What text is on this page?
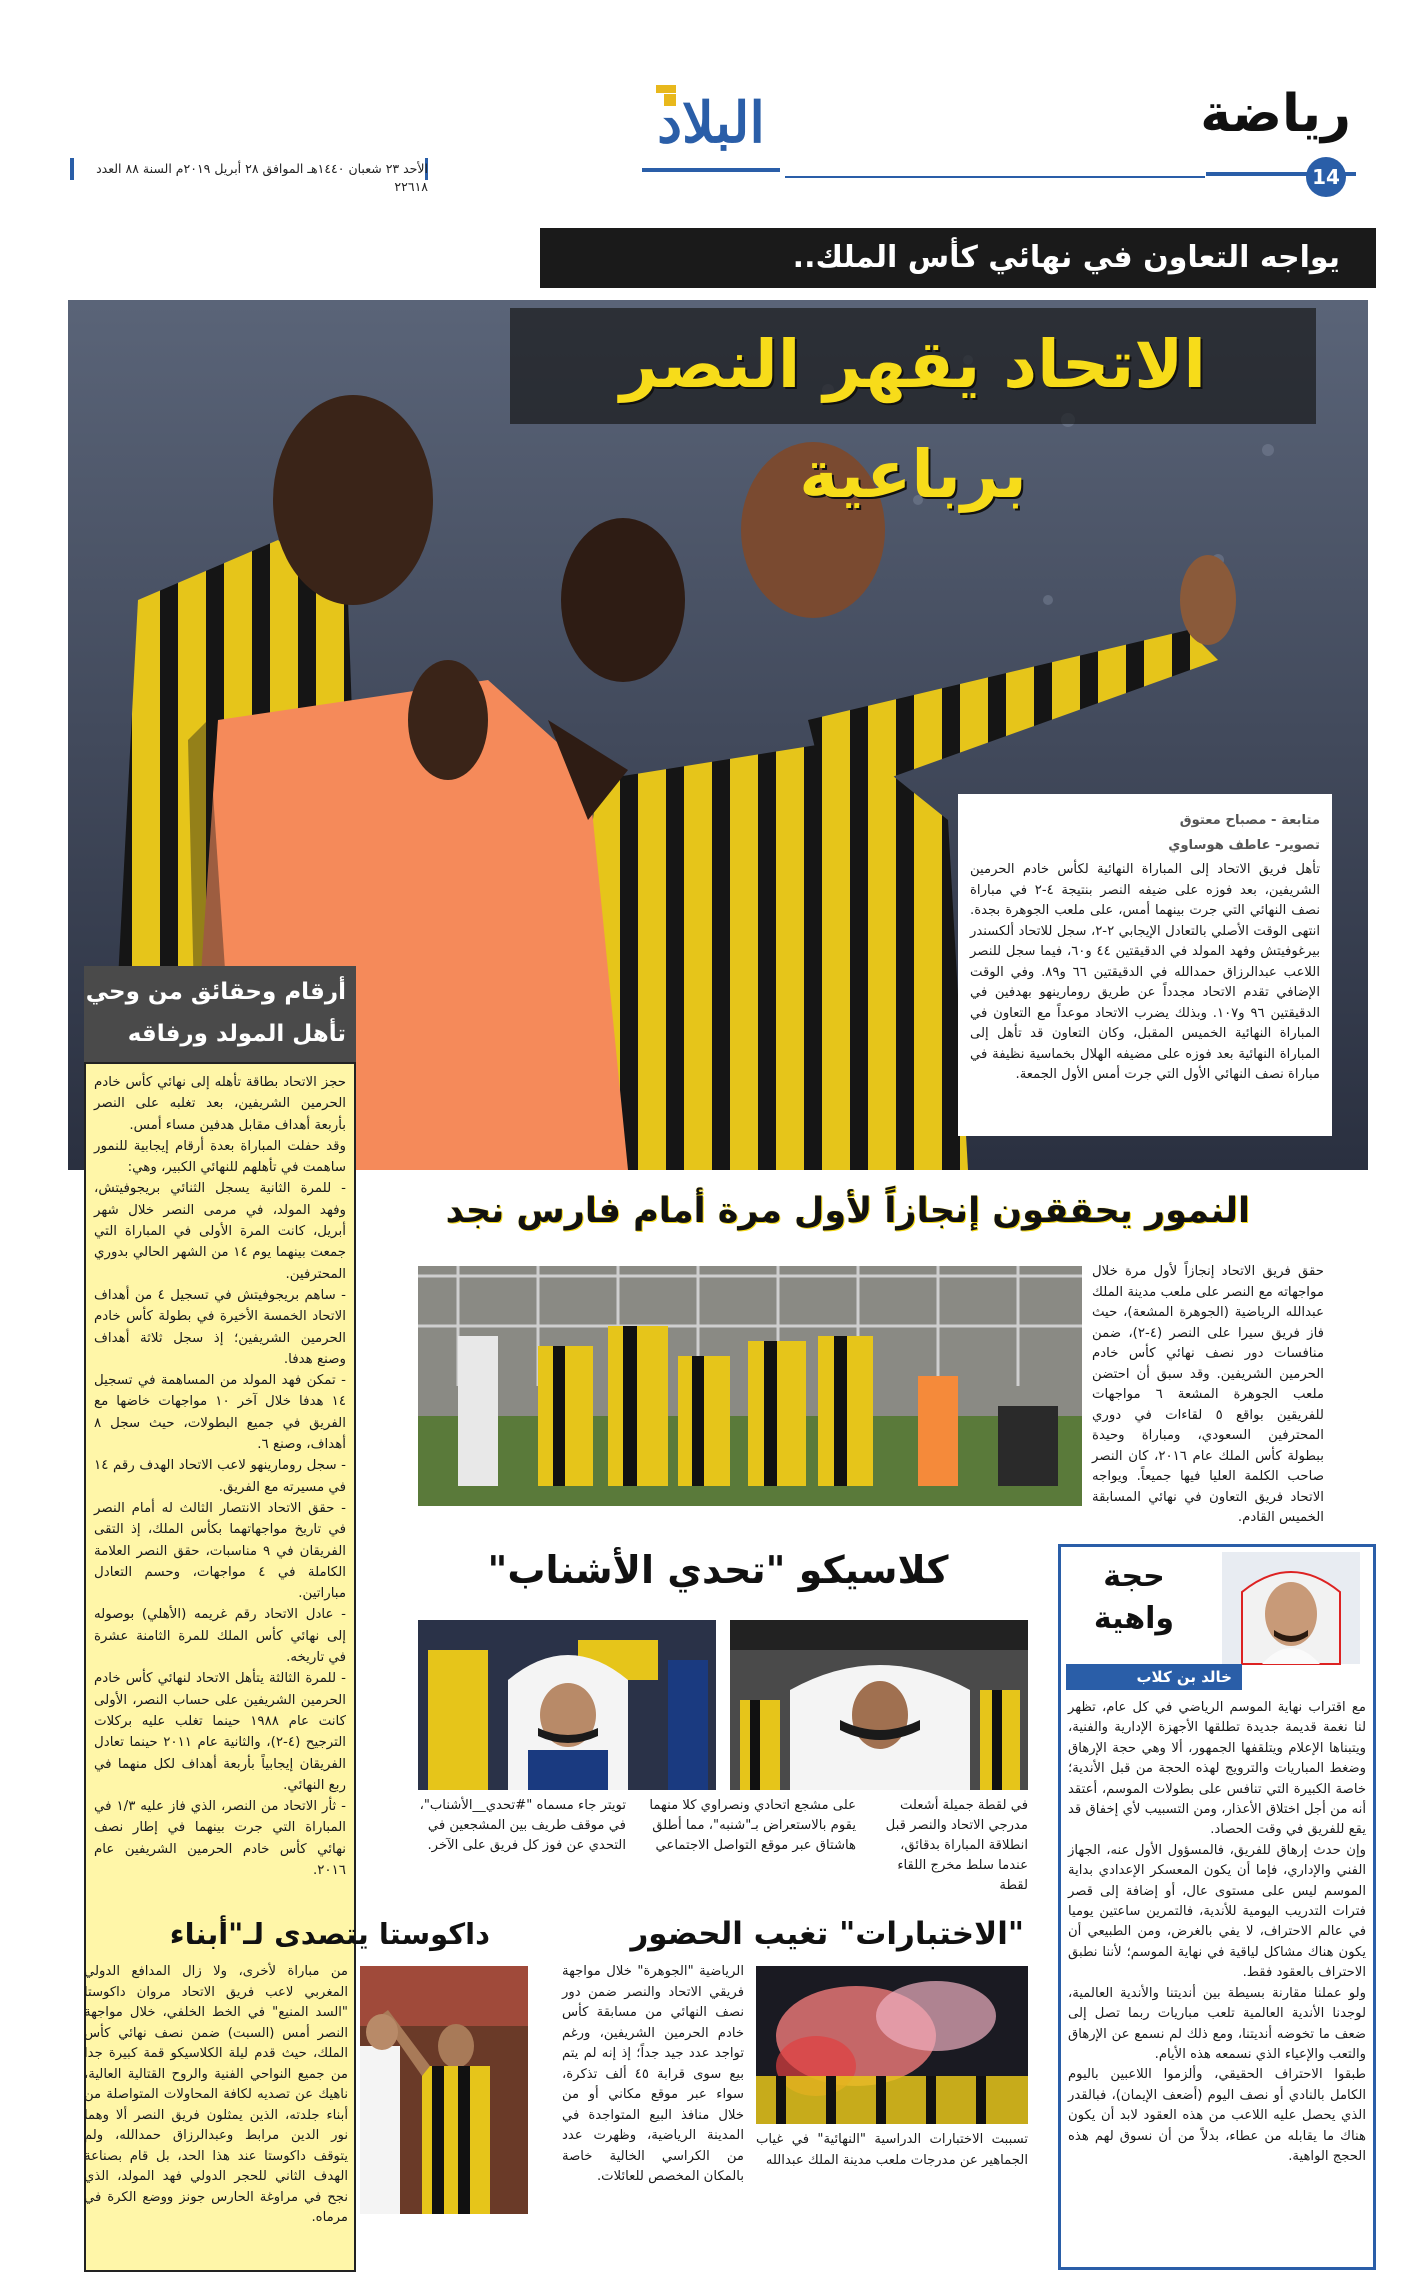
رياضة
14
البلاد
الأحد ٢٣ شعبان ١٤٤٠هـ الموافق ٢٨ أبريل ٢٠١٩م السنة ٨٨ العدد ٢٢٦١٨
يواجه التعاون في نهائي كأس الملك..
الاتحاد يقهر النصر برباعية
متابعة - مصباح معتوق
تصوير- عاطف هوساوي
تأهل فريق الاتحاد إلى المباراة النهائية لكأس خادم الحرمين الشريفين، بعد فوزه على ضيفه النصر بنتيجة ٤-٢ في مباراة نصف النهائي التي جرت بينهما أمس، على ملعب الجوهرة بجدة. انتهى الوقت الأصلي بالتعادل الإيجابي ٢-٢، سجل للاتحاد ألكسندر بيرغوفيتش وفهد المولد في الدقيقتين ٤٤ و٦٠، فيما سجل للنصر اللاعب عبدالرزاق حمدالله في الدقيقتين ٦٦ و٨٩. وفي الوقت الإضافي تقدم الاتحاد مجدداً عن طريق رومارينهو بهدفين في الدقيقتين ٩٦ و١٠٧. وبذلك يضرب الاتحاد موعداً مع التعاون في المباراة النهائية الخميس المقبل، وكان التعاون قد تأهل إلى المباراة النهائية بعد فوزه على مضيفه الهلال بخماسية نظيفة في مباراة نصف النهائي الأول التي جرت أمس الأول الجمعة.
أرقام وحقائق من وحي
تأهل المولد ورفاقه
حجز الاتحاد بطاقة تأهله إلى نهائي كأس خادم الحرمين الشريفين، بعد تغلبه على النصر بأربعة أهداف مقابل هدفين مساء أمس.
وقد حفلت المباراة بعدة أرقام إيجابية للنمور ساهمت في تأهلهم للنهائي الكبير، وهي:
- للمرة الثانية يسجل الثنائي بريجوفيتش، وفهد المولد، في مرمى النصر خلال شهر أبريل، كانت المرة الأولى في المباراة التي جمعت بينهما يوم ١٤ من الشهر الحالي بدوري المحترفين.
- ساهم بريجوفيتش في تسجيل ٤ من أهداف الاتحاد الخمسة الأخيرة في بطولة كأس خادم الحرمين الشريفين؛ إذ سجل ثلاثة أهداف وصنع هدفا.
- تمكن فهد المولد من المساهمة في تسجيل ١٤ هدفا خلال آخر ١٠ مواجهات خاضها مع الفريق في جميع البطولات، حيث سجل ٨ أهداف، وصنع ٦.
- سجل رومارينهو لاعب الاتحاد الهدف رقم ١٤ في مسيرته مع الفريق.
- حقق الاتحاد الانتصار الثالث له أمام النصر في تاريخ مواجهاتهما بكأس الملك، إذ التقى الفريقان في ٩ مناسبات، حقق النصر العلامة الكاملة في ٤ مواجهات، وحسم التعادل مباراتين.
- عادل الاتحاد رقم غريمه (الأهلي) بوصوله إلى نهائي كأس الملك للمرة الثامنة عشرة في تاريخه.
- للمرة الثالثة يتأهل الاتحاد لنهائي كأس خادم الحرمين الشريفين على حساب النصر، الأولى كانت عام ١٩٨٨ حينما تغلب عليه بركلات الترجيح (٤-٢)، والثانية عام ٢٠١١ حينما تعادل الفريقان إيجابياً بأربعة أهداف لكل منهما في ربع النهائي.
- ثأر الاتحاد من النصر، الذي فاز عليه ١/٣ في المباراة التي جرت بينهما في إطار نصف نهائي كأس خادم الحرمين الشريفين عام ٢٠١٦.
النمور يحققون إنجازاً لأول مرة أمام فارس نجد
حقق فريق الاتحاد إنجازاً لأول مرة خلال مواجهاته مع النصر على ملعب مدينة الملك عبدالله الرياضية (الجوهرة المشعة)، حيث فاز فريق سيرا على النصر (٤-٢)، ضمن منافسات دور نصف نهائي كأس خادم الحرمين الشريفين. وقد سبق أن احتضن ملعب الجوهرة المشعة ٦ مواجهات للفريقين بواقع ٥ لقاءات في دوري المحترفين السعودي، ومباراة وحيدة ببطولة كأس الملك عام ٢٠١٦، كان النصر صاحب الكلمة العليا فيها جميعاً. ويواجه الاتحاد فريق التعاون في نهائي المسابقة الخميس القادم.
حجة
واهية
خالد بن كلاب
مع اقتراب نهاية الموسم الرياضي في كل عام، تظهر لنا نغمة قديمة جديدة تطلقها الأجهزة الإدارية والفنية، ويتبناها الإعلام ويتلقفها الجمهور، ألا وهي حجة الإرهاق وضغط المباريات والترويج لهذه الحجة من قبل الأندية؛ خاصة الكبيرة التي تنافس على بطولات الموسم، أعتقد أنه من أجل اختلاق الأعذار، ومن التسبيب لأي إخفاق قد يقع للفريق في وقت الحصاد.
وإن حدث إرهاق للفريق، فالمسؤول الأول عنه، الجهاز الفني والإداري، فإما أن يكون المعسكر الإعدادي بداية الموسم ليس على مستوى عال، أو إضافة إلى قصر فترات التدريب اليومية للأندية، فالتمرين ساعتين يوميا في عالم الاحتراف، لا يفي بالغرض، ومن الطبيعي أن يكون هناك مشاكل لياقية في نهاية الموسم؛ لأننا نطبق الاحتراف بالعقود فقط.
ولو عملنا مقارنة بسيطة بين أنديتنا والأندية العالمية، لوجدنا الأندية العالمية تلعب مباريات ربما تصل إلى ضعف ما تخوضه أنديتنا، ومع ذلك لم نسمع عن الإرهاق والتعب والإعياء الذي نسمعه هذه الأيام.
طبقوا الاحتراف الحقيقي، وألزموا اللاعبين باليوم الكامل بالنادي أو نصف اليوم (أضعف الإيمان)، فبالقدر الذي يحصل عليه اللاعب من هذه العقود لابد أن يكون هناك ما يقابله من عطاء، بدلاً من أن نسوق لهم هذه الحجج الواهية.
كلاسيكو "تحدي الأشناب"
في لقطة جميلة أشعلت مدرجي الاتحاد والنصر قبل انطلاقة المباراة بدقائق، عندما سلط مخرج اللقاء لقطة
على مشجع اتحادي ونصراوي كلا منهما يقوم بالاستعراض بـ"شنبه"، مما أطلق هاشتاق عبر موقع التواصل الاجتماعي
تويتر جاء مسماه "#تحدي__الأشناب"، في موقف طريف بين المشجعين في التحدي عن فوز كل فريق على الآخر.
"الاختبارات" تغيب الحضور
الرياضية "الجوهرة" خلال مواجهة فريقي الاتحاد والنصر ضمن دور نصف النهائي من مسابقة كأس خادم الحرمين الشريفين، ورغم تواجد عدد جيد جداً؛ إذ إنه لم يتم بيع سوى قرابة ٤٥ ألف تذكرة، سواء عبر موقع مكاني أو من خلال منافذ البيع المتواجدة في المدينة الرياضية، وظهرت عدد من الكراسي الخالية خاصة بالمكان المخصص للعائلات.
تسببت الاختبارات الدراسية "النهائية" في غياب الجماهير عن مدرجات ملعب مدينة الملك عبدالله
داكوستا يتصدى لـ"أبناء
من مباراة لأخرى، ولا زال المدافع الدولي المغربي لاعب فريق الاتحاد مروان داكوستا "السد المنيع" في الخط الخلفي، خلال مواجهة النصر أمس (السبت) ضمن نصف نهائي كأس الملك، حيث قدم ليلة الكلاسيكو قمة كبيرة جدا من جميع النواحي الفنية والروح القتالية العالية، ناهيك عن تصديه لكافة المحاولات المتواصلة من أبناء جلدته، الذين يمثلون فريق النصر ألا وهما نور الدين مرابط وعبدالرزاق حمدالله، ولم يتوقف داكوستا عند هذا الحد، بل قام بصناعة الهدف الثاني للحجر الدولي فهد المولد، الذي نجح في مراوغة الحارس جونز ووضع الكرة في مرماه.
